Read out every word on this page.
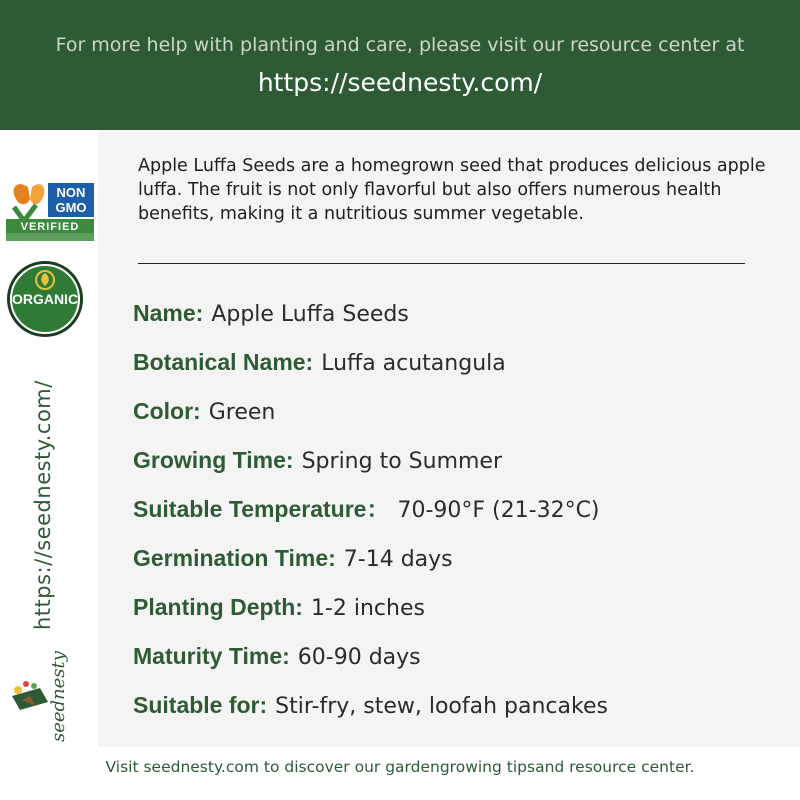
For more help with planting and care, please visit our resource center at
https://seednesty.com/
NON
GMO
VERIFIED
ORGANIC
https://seednesty.com/
seednesty
Apple Luffa Seeds are a homegrown seed that produces delicious apple luffa. The fruit is not only flavorful but also offers numerous health benefits, making it a nutritious summer vegetable.
Name: Apple Luffa Seeds
Botanical Name: Luffa acutangula
Color: Green
Growing Time: Spring to Summer
Suitable Temperature： 70-90°F (21-32°C)
Germination Time: 7-14 days
Planting Depth: 1-2 inches
Maturity Time: 60-90 days
Suitable for: Stir-fry, stew, loofah pancakes
Visit seednesty.com to discover our gardengrowing tipsand resource center.
